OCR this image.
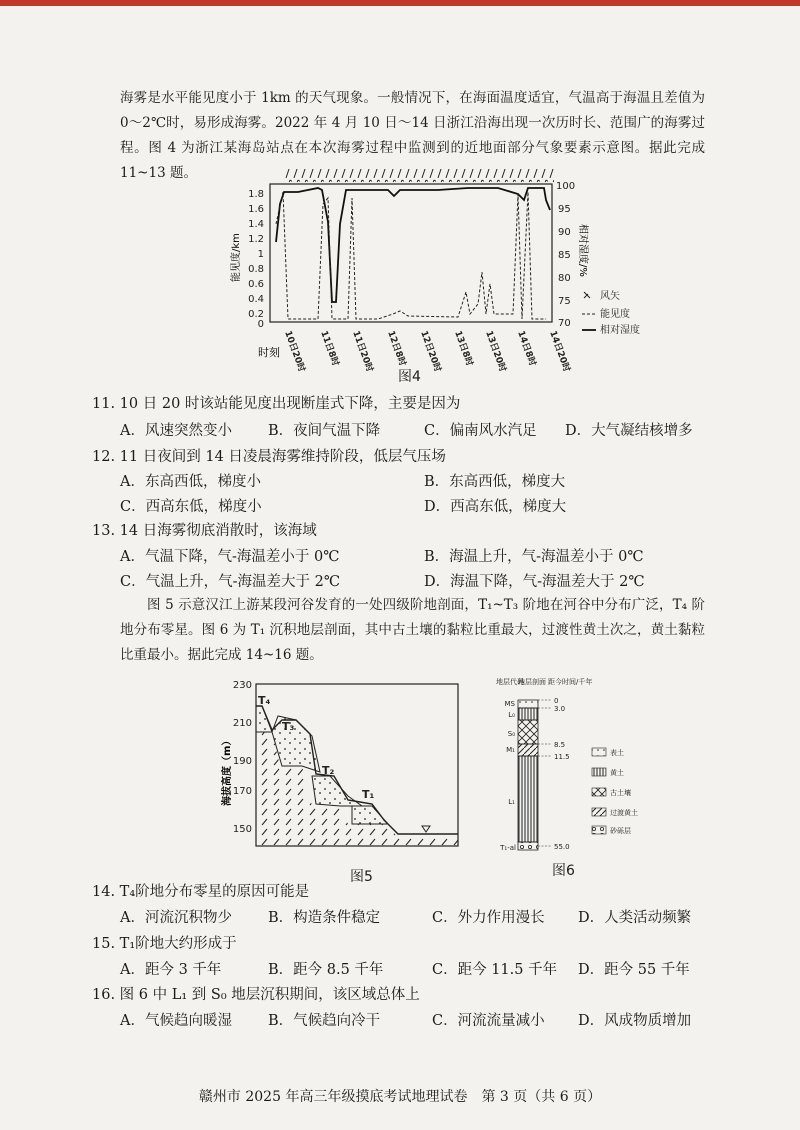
海雾是水平能见度小于 1km 的天气现象。一般情况下，在海面温度适宜，气温高于海温且差值为 0～2℃时，易形成海雾。2022 年 4 月 10 日～14 日浙江沿海出现一次历时长、范围广的海雾过程。图 4 为浙江某海岛站点在本次海雾过程中监测到的近地面部分气象要素示意图。据此完成 11~13 题。

1.8
1.6
1.4
1.2
1
0.8
0.6
0.4
0.2
0
100
95
90
85
80
75
70
能见度/km	相对湿度/%
10日20时 11日8时 11日20时 12日8时 12日20时 13日8时 13日20时 14日8时 14日20时
时刻
风矢
能见度
相对湿度
图4
11. 10 日 20 时该站能见度出现断崖式下降，主要是因为
A．风速突然变小 B．夜间气温下降	C．偏南风水汽足 D．大气凝结核增多
12. 11 日夜间到 14 日凌晨海雾维持阶段，低层气压场
A．东高西低，梯度小	B．东高西低，梯度大
C．西高东低，梯度小	D．西高东低，梯度大
13. 14 日海雾彻底消散时，该海域
A．气温下降，气-海温差小于 0℃	B．海温上升，气-海温差小于 0℃
C．气温上升，气-海温差大于 2℃	D．海温下降，气-海温差大于 2℃

图 5 示意汉江上游某段河谷发育的一处四级阶地剖面，T₁~T₃ 阶地在河谷中分布广泛，T₄ 阶地分布零星。图 6 为 T₁ 沉积地层剖面，其中古土壤的黏粒比重最大，过渡性黄土次之，黄土黏粒比重最小。据此完成 14~16 题。

230
210
190
170
150
海拔高度（m）
T₄
T₃
T₂
T₁
图5
地层代码
地层剖面 距今时间/千年
MS
L₀
S₀
M₁
L₁
T₁-al
0
3.0
8.5
11.5
55.0
表土
黄土
古土壤
过渡黄土
砂砾层
图6
14. T₄阶地分布零星的原因可能是
A．河流沉积物少 B．构造条件稳定	C．外力作用漫长 D．人类活动频繁
15. T₁阶地大约形成于
A．距今 3 千年	B．距今 8.5 千年	C．距今 11.5 千年 D．距今 55 千年
16. 图 6 中 L₁ 到 S₀ 地层沉积期间，该区域总体上
A．气候趋向暖湿 B．气候趋向冷干	C．河流流量减小 D．风成物质增加
赣州市 2025 年高三年级摸底考试地理试卷　第 3 页（共 6 页）
